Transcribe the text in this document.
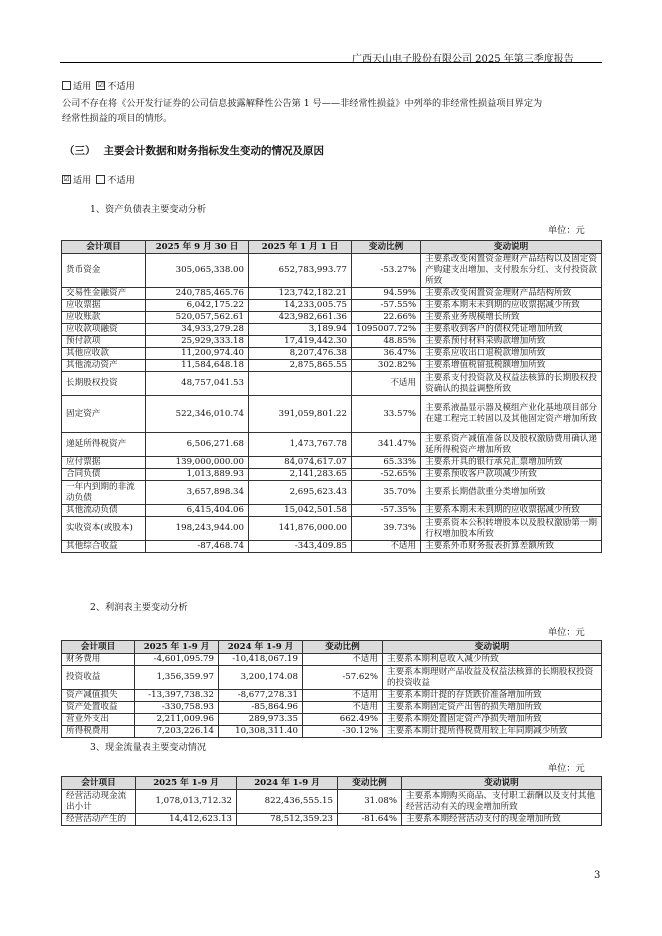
广西天山电子股份有限公司 2025 年第三季度报告
适用 ☑ 不适用
公司不存在将《公开发行证券的公司信息披露解释性公告第 1 号——非经常性损益》中列举的非经常性损益项目界定为
经常性损益的项目的情形。
（三） 主要会计数据和财务指标发生变动的情况及原因
☑ 适用 不适用
1、资产负债表主要变动分析
单位：元
会计项目	2025 年 9 月 30 日	2025 年 1 月 1 日	变动比例	变动说明
货币资金	305,065,338.00	652,783,993.77	-53.27%	主要系改变闲置资金理财产品结构以及固定资产购建支出增加、支付股东分红、支付投资款所致
交易性金融资产	240,785,465.76	123,742,182.21	94.59%	主要系改变闲置资金理财产品结构所致
应收票据	6,042,175.22	14,233,005.75	-57.55%	主要系本期末未到期的应收票据减少所致
应收账款	520,057,562.61	423,982,661.36	22.66%	主要系业务规模增长所致
应收款项融资	34,933,279.28	3,189.94	1095007.72%	主要系收到客户的债权凭证增加所致
预付款项	25,929,333.18	17,419,442.30	48.85%	主要系预付材料采购款增加所致
其他应收款	11,200,974.40	8,207,476.38	36.47%	主要系应收出口退税款增加所致
其他流动资产	11,584,648.18	2,875,865.55	302.82%	主要系增值税留抵税额增加所致
长期股权投资	48,757,041.53		不适用	主要系支付投资款及权益法核算的长期股权投资确认的损益调整所致
固定资产	522,346,010.74	391,059,801.22	33.57%	主要系液晶显示器及模组产业化基地项目部分在建工程完工转固以及其他固定资产增加所致
递延所得税资产	6,506,271.68	1,473,767.78	341.47%	主要系资产减值准备以及股权激励费用确认递延所得税资产增加所致
应付票据	139,000,000.00	84,074,617.07	65.33%	主要系开具的银行承兑汇票增加所致
合同负债	1,013,889.93	2,141,283.65	-52.65%	主要系预收客户款项减少所致
一年内到期的非流动负债	3,657,898.34	2,695,623.43	35.70%	主要系长期借款重分类增加所致
其他流动负债	6,415,404.06	15,042,501.58	-57.35%	主要系本期末未到期的应收票据减少所致
实收资本(或股本)	198,243,944.00	141,876,000.00	39.73%	主要系资本公积转增股本以及股权激励第一期行权增加股本所致
其他综合收益	-87,468.74	-343,409.85	不适用	主要系外币财务报表折算差额所致
2、利润表主要变动分析
单位：元
会计项目	2025 年 1-9 月	2024 年 1-9 月	变动比例	变动说明
财务费用	-4,601,095.79	-10,418,067.19	不适用	主要系本期利息收入减少所致
投资收益	1,356,359.97	3,200,174.08	-57.62%	主要系本期理财产品收益及权益法核算的长期股权投资的投资收益
资产减值损失	-13,397,738.32	-8,677,278.31	不适用	主要系本期计提的存货跌价准备增加所致
资产处置收益	-330,758.93	-85,864.96	不适用	主要系本期固定资产出售的损失增加所致
营业外支出	2,211,009.96	289,973.35	662.49%	主要系本期处置固定资产净损失增加所致
所得税费用	7,203,226.14	10,308,311.40	-30.12%	主要系本期计提所得税费用较上年同期减少所致
3、现金流量表主要变动情况
单位：元
会计项目	2025 年 1-9 月	2024 年 1-9 月	变动比例	变动说明
经营活动现金流出小计	1,078,013,712.32	822,436,555.15	31.08%	主要系本期购买商品、支付职工薪酬以及支付其他经营活动有关的现金增加所致
经营活动产生的	14,412,623.13	78,512,359.23	-81.64%	主要系本期经营活动支付的现金增加所致
3
